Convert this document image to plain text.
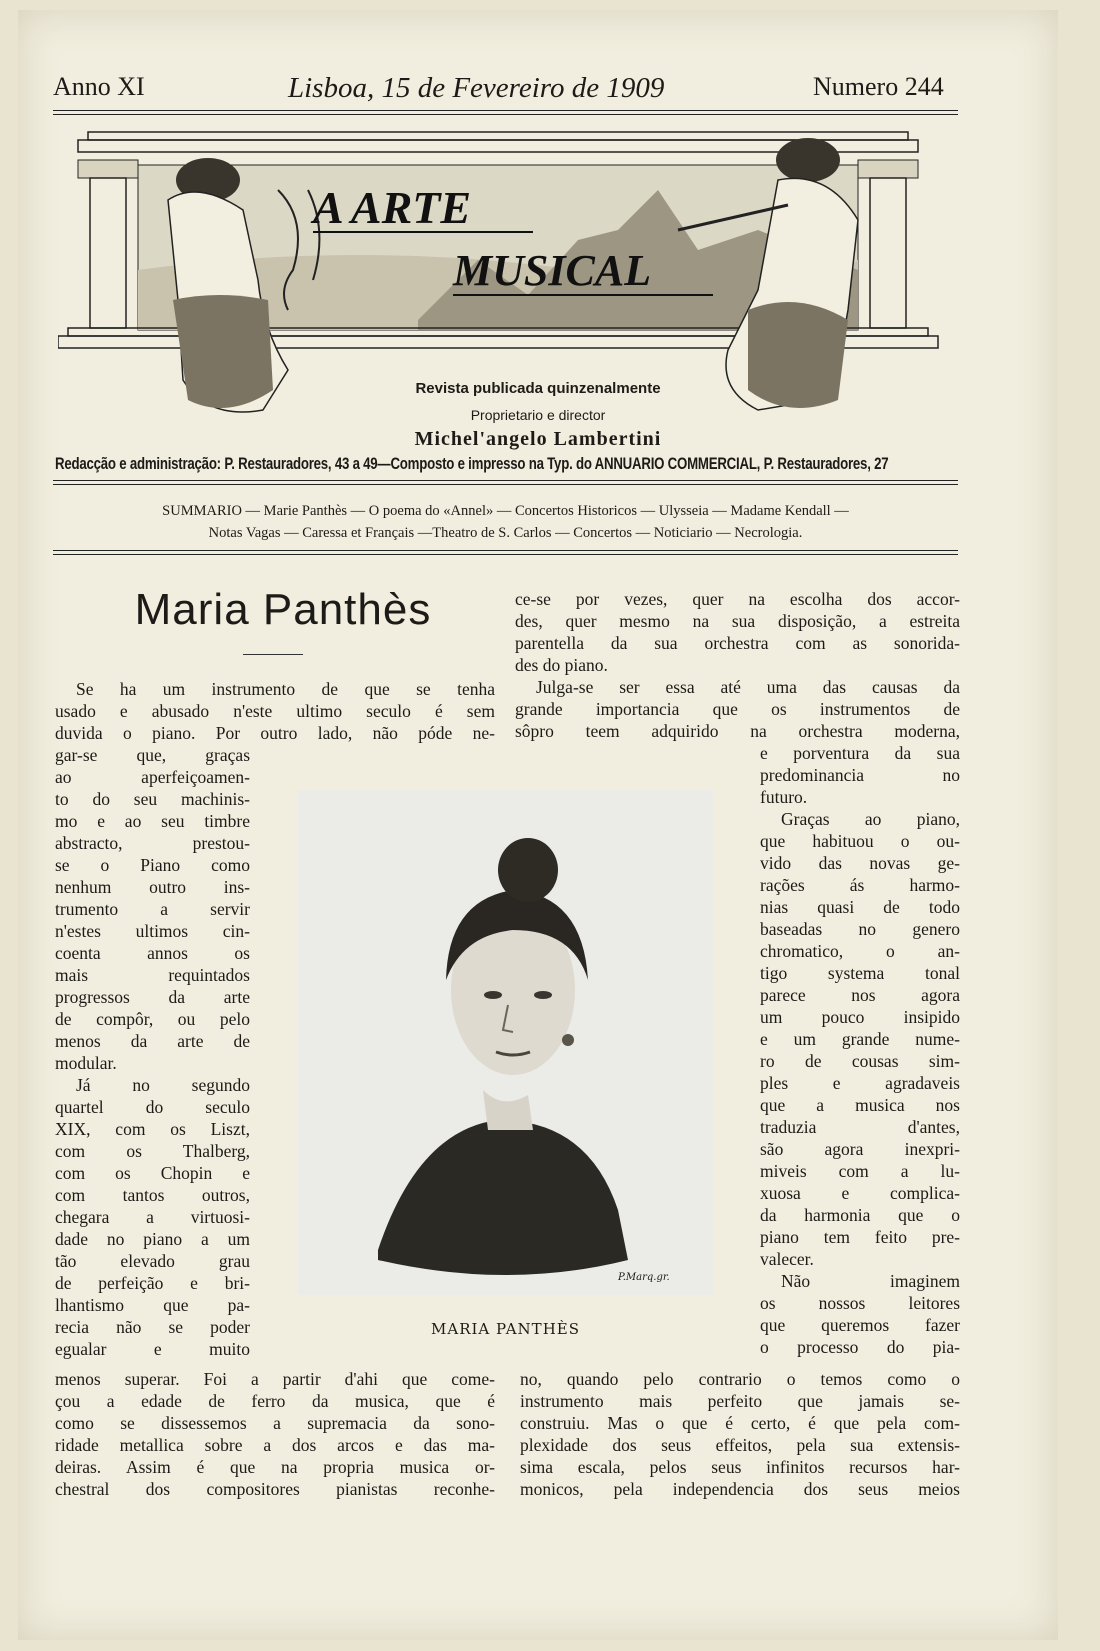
Anno XI	Lisboa, 15 de Fevereiro de 1909	Numero 244
A ARTE
MUSICAL
Revista publicada quinzenalmente
Proprietario e director
Michel'angelo Lambertini
Redacção e administração: P. Restauradores, 43 a 49—Composto e impresso na Typ. do ANNUARIO COMMERCIAL, P. Restauradores, 27
SUMMARIO — Marie Panthès — O poema do «Annel» — Concertos Historicos — Ulysseia — Madame Kendall —
Notas Vagas — Caressa et Français —Theatro de S. Carlos — Concertos — Noticiario — Necrologia.
Maria Panthès
Se ha um instrumento de que se tenha
usado e abusado n'este ultimo seculo é sem
duvida o piano. Por outro lado, não póde ne-
gar-se que, graças
ao aperfeiçoamen-
to do seu machinis-
mo e ao seu timbre
abstracto, prestou-
se o Piano como
nenhum outro ins-
trumento a servir
n'estes ultimos cin-
coenta annos os
mais requintados
progressos da arte
de compôr, ou pelo
menos da arte de
modular.
Já no segundo
quartel do seculo
XIX, com os Liszt,
com os Thalberg,
com os Chopin e
com tantos outros,
chegara a virtuosi-
dade no piano a um
tão elevado grau
de perfeição e bri-
lhantismo que pa-
recia não se poder
egualar e muito
menos superar. Foi a partir d'ahi que come-
çou a edade de ferro da musica, que é
como se dissessemos a supremacia da sono-
ridade metallica sobre a dos arcos e das ma-
deiras. Assim é que na propria musica or-
chestral dos compositores pianistas reconhe-
ce-se por vezes, quer na escolha dos accor-
des, quer mesmo na sua disposição, a estreita
parentella da sua orchestra com as sonorida-
des do piano.
Julga-se ser essa até uma das causas da
grande importancia que os instrumentos de
sôpro teem adquirido na orchestra moderna,
e porventura da sua
predominancia no
futuro.
Graças ao piano,
que habituou o ou-
vido das novas ge-
rações ás harmo-
nias quasi de todo
baseadas no genero
chromatico, o an-
tigo systema tonal
parece nos agora
um pouco insipido
e um grande nume-
ro de cousas sim-
ples e agradaveis
que a musica nos
traduzia d'antes,
são agora inexpri-
miveis com a lu-
xuosa e complica-
da harmonia que o
piano tem feito pre-
valecer.
Não imaginem
os nossos leitores
que queremos fazer
o processo do pia-
no, quando pelo contrario o temos como o
instrumento mais perfeito que jamais se-
construiu. Mas o que é certo, é que pela com-
plexidade dos seus effeitos, pela sua extensis-
sima escala, pelos seus infinitos recursos har-
monicos, pela independencia dos seus meios
P.Marq.gr.
MARIA PANTHÈS
